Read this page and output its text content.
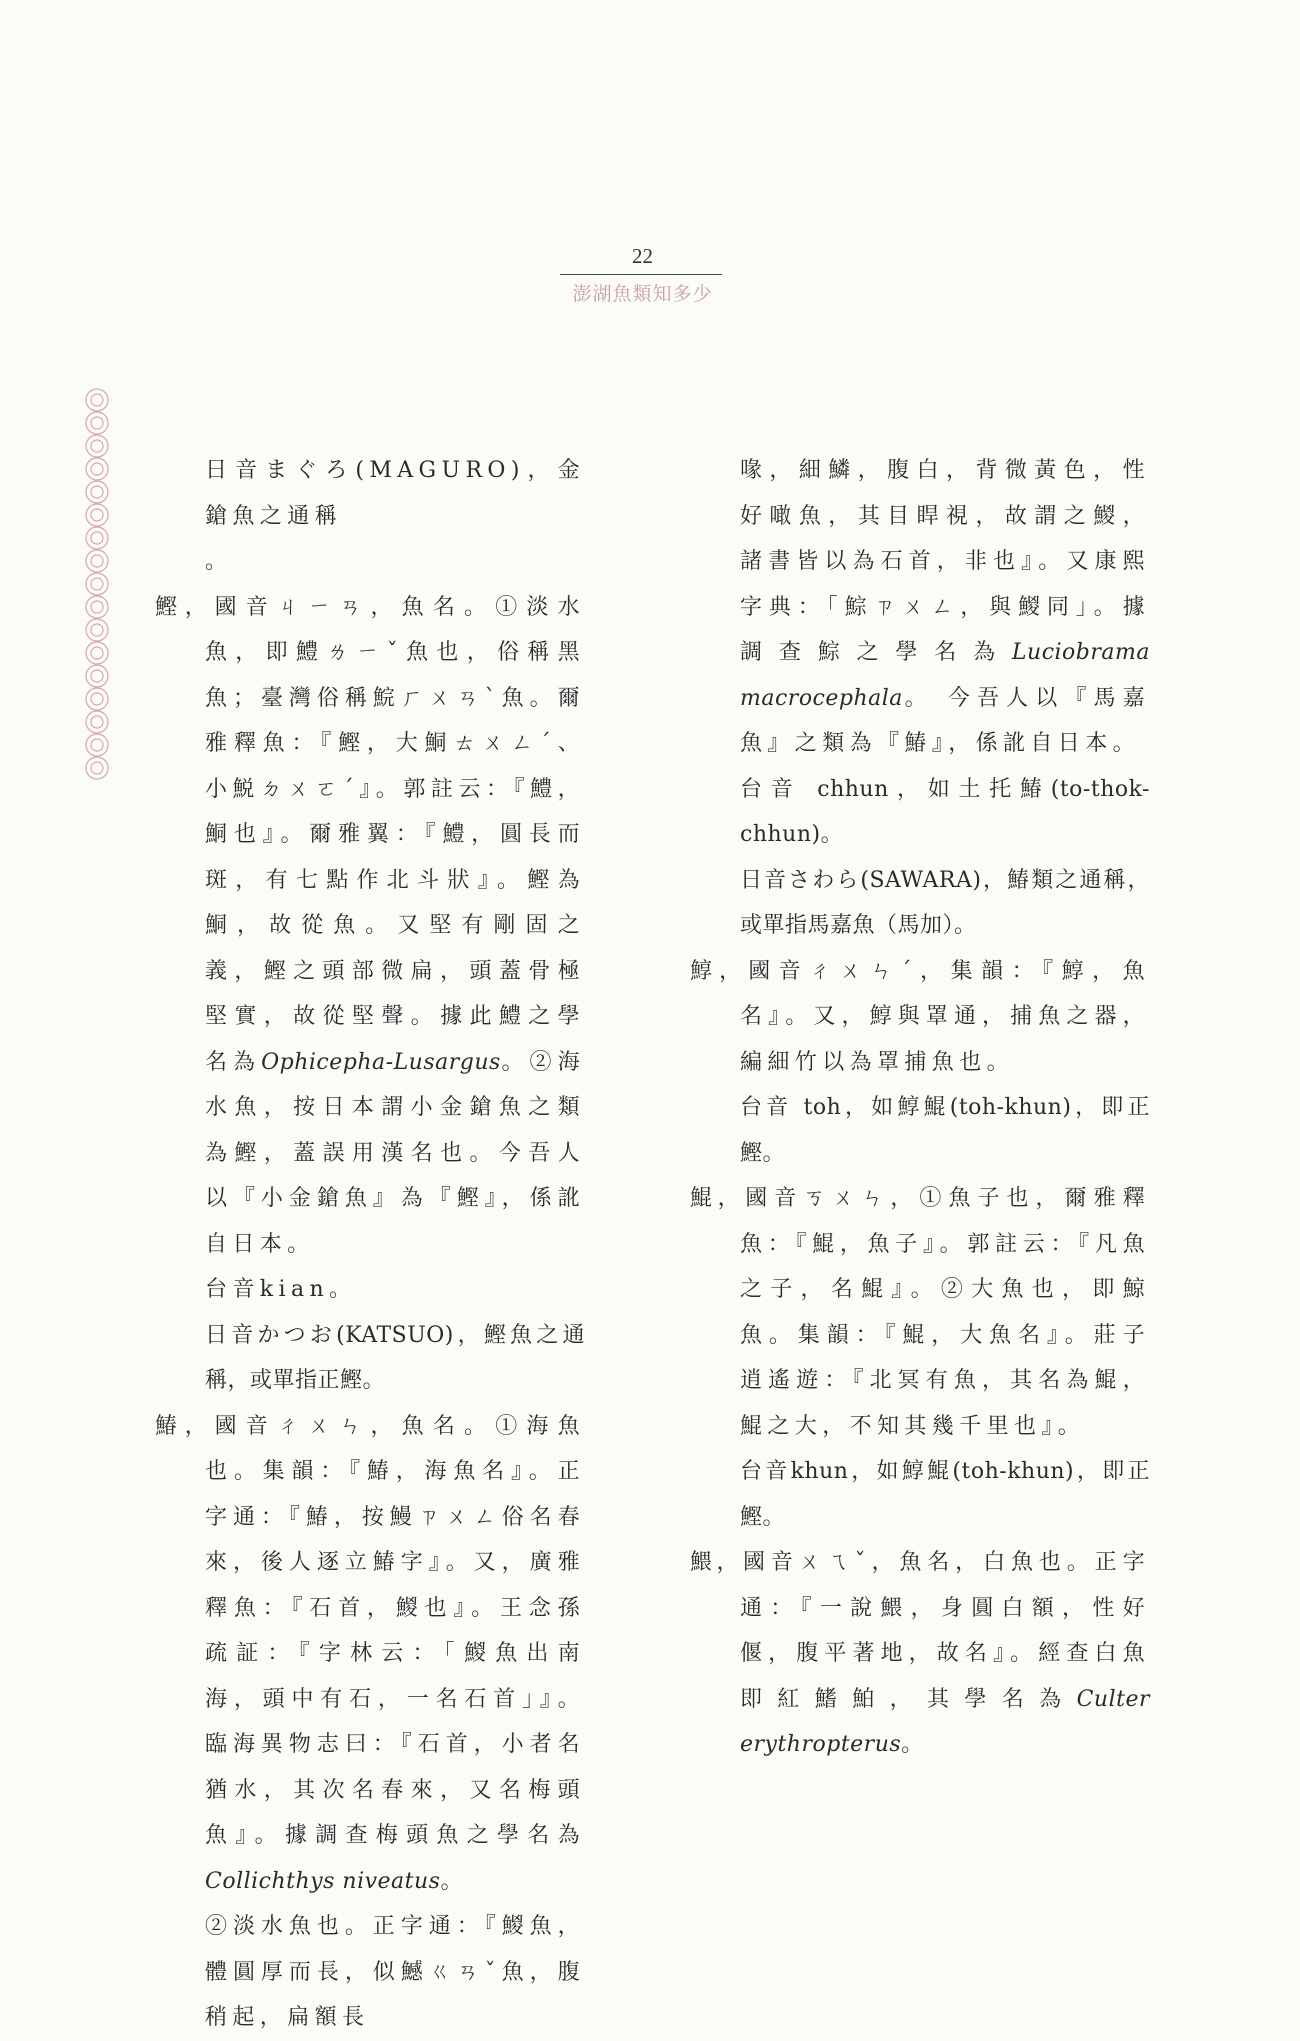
22
澎湖魚類知多少

日音まぐろ(MAGURO)，金鎗魚之通稱
。

鰹，國音ㄐㄧㄢ，魚名。①淡水魚，即鱧ㄌㄧˇ魚也，俗稱黑魚；臺灣俗稱鯇ㄏㄨㄢˋ魚。爾雅釋魚：『鰹，大鮦ㄊㄨㄥˊ、小鮵ㄉㄨㄛˊ』。郭註云：『鱧，鮦也』。爾雅翼：『鱧，圓長而斑，有七點作北斗狀』。鰹為鮦，故從魚。又堅有剛固之義，鰹之頭部微扁，頭蓋骨極堅實，故從堅聲。據此鱧之學名為Ophicepha-Lusargus。②海水魚，按日本謂小金鎗魚之類為鰹，蓋誤用漢名也。今吾人以『小金鎗魚』為『鰹』，係訛自日本。

台音kian。

日音かつお(KATSUO)，鰹魚之通稱，或單指正鰹。

鰆，國音ㄔㄨㄣ，魚名。①海魚也。集韻：『鰆，海魚名』。正字通：『鰆，按鰻ㄗㄨㄥ俗名春來，後人逐立鰆字』。又，廣雅釋魚：『石首，鯼也』。王念孫疏証：『字林云：「鯼魚出南海，頭中有石，一名石首」』。臨海異物志曰：『石首，小者名猶水，其次名春來，又名梅頭魚』。據調查梅頭魚之學名為Collichthys niveatus。

②淡水魚也。正字通：『鯼魚，體圓厚而長，似鱤ㄍㄢˇ魚，腹稍起，扁額長

喙，細鱗，腹白，背微黃色，性好噉魚，其目睅視，故謂之鯼，諸書皆以為石首，非也』。又康熙字典：「鯮ㄗㄨㄥ，與鯼同」。據調查鯮之學名為Luciobrama macrocephala。 今吾人以『馬嘉魚』之類為『鰆』，係訛自日本。

台音 chhun，如土托鰆(to-thok-chhun)。

日音さわら(SAWARA)，鰆類之通稱，或單指馬嘉魚（馬加）。

鯙，國音ㄔㄨㄣˊ，集韻：『鯙，魚名』。又，鯙與罩通，捕魚之器，編細竹以為罩捕魚也。

台音 toh，如鯙鯤(toh-khun)，即正鰹。

鯤，國音ㄎㄨㄣ，①魚子也，爾雅釋魚：『鯤，魚子』。郭註云：『凡魚之子，名鯤』。②大魚也，即鯨魚。集韻：『鯤，大魚名』。莊子逍遙遊：『北冥有魚，其名為鯤，鯤之大，不知其幾千里也』。

台音khun，如鯙鯤(toh-khun)，即正鰹。

鰃，國音ㄨㄟˇ，魚名，白魚也。正字通：『一說鰃，身圓白額，性好偃，腹平著地，故名』。經查白魚即紅鰭鮊，其學名為Culter erythropterus。
